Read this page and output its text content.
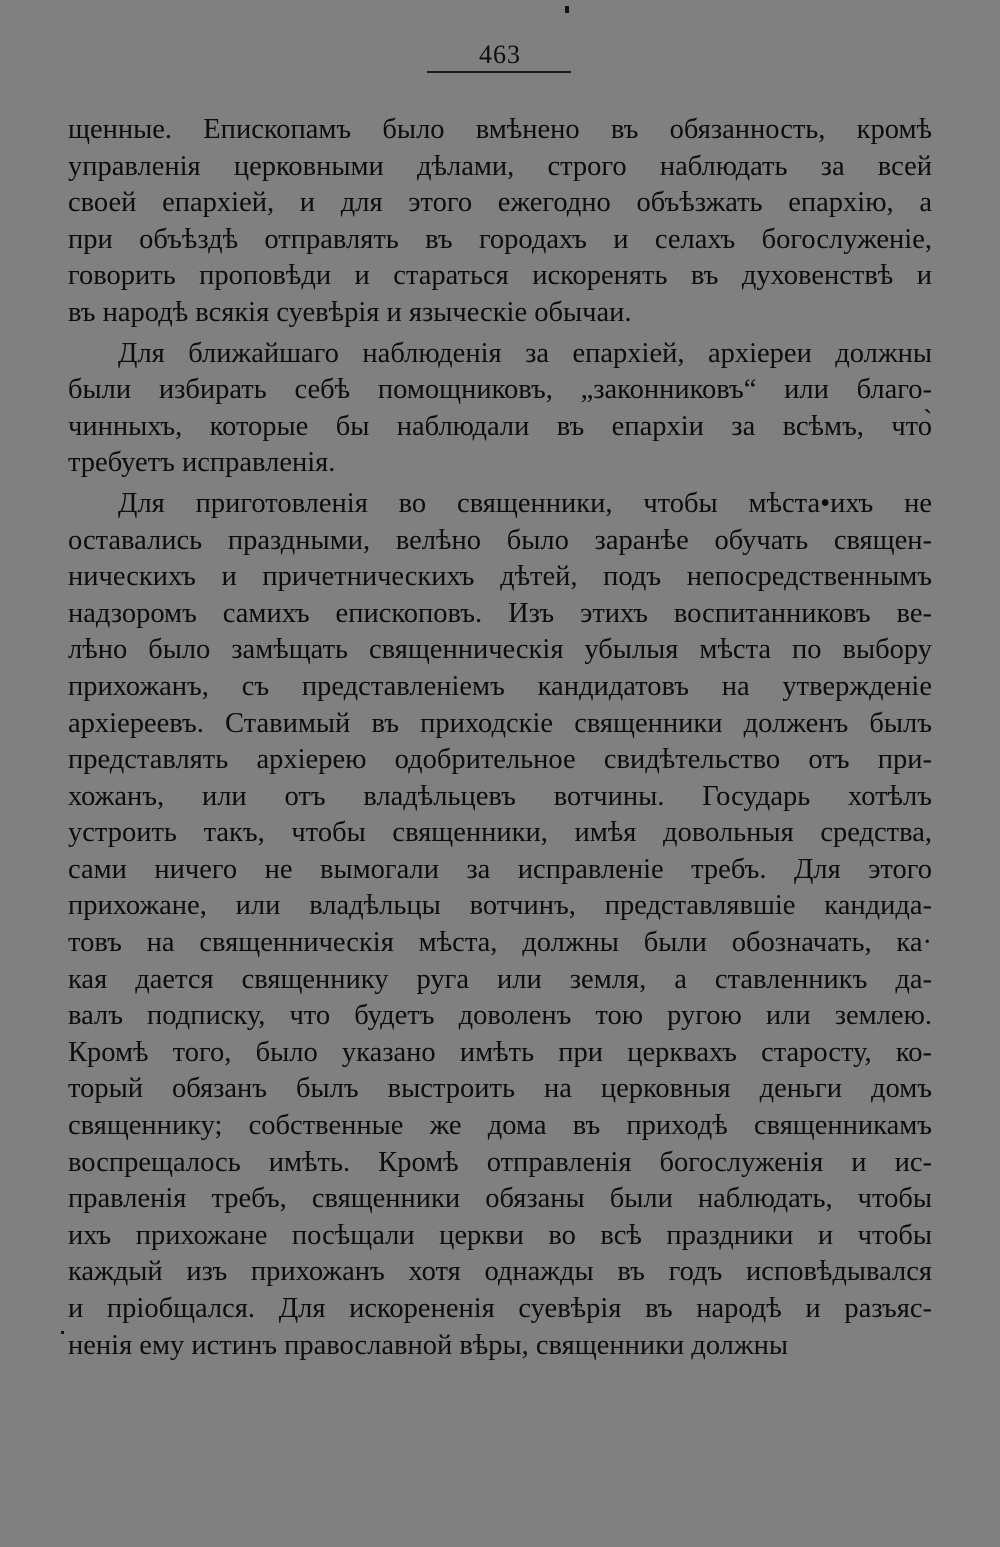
463
щенные. Епископамъ было вмѣнено въ обязанность, кромѣ
управленія церковными дѣлами, строго наблюдать за всей
своей епархіей, и для этого ежегодно объѣзжать епархію, а
при объѣздѣ отправлять въ городахъ и селахъ богослуженіе,
говорить проповѣди и стараться искоренять въ духовенствѣ и
въ народѣ всякія суевѣрія и языческіе обычаи.
Для ближайшаго наблюденія за епархіей, архіереи должны
были избирать себѣ помощниковъ, „законниковъ“ или благо-
чинныхъ, которые бы наблюдали въ епархіи за всѣмъ, что̀
требуетъ исправленія.
Для приготовленія во священники, чтобы мѣста•ихъ не
оставались праздными, велѣно было заранѣе обучать священ-
ническихъ и причетническихъ дѣтей, подъ непосредственнымъ
надзоромъ самихъ епископовъ. Изъ этихъ воспитанниковъ ве-
лѣно было замѣщать священническія убылыя мѣста по выбору
прихожанъ, съ представленіемъ кандидатовъ на утвержденіе
архіереевъ. Ставимый въ приходскіе священники долженъ былъ
представлять архіерею одобрительное свидѣтельство отъ при-
хожанъ, или отъ владѣльцевъ вотчины. Государь хотѣлъ
устроить такъ, чтобы священники, имѣя довольныя средства,
сами ничего не вымогали за исправленіе требъ. Для этого
прихожане, или владѣльцы вотчинъ, представлявшіе кандида-
товъ на священническія мѣста, должны были обозначать, ка·
кая дается священнику руга или земля, а ставленникъ да-
валъ подписку, что будетъ доволенъ тою ругою или землею.
Кромѣ того, было указано имѣть при церквахъ старосту, ко-
торый обязанъ былъ выстроить на церковныя деньги домъ
священнику; собственные же дома въ приходѣ священникамъ
воспрещалось имѣть. Кромѣ отправленія богослуженія и ис-
правленія требъ, священники обязаны были наблюдать, чтобы
ихъ прихожане посѣщали церкви во всѣ праздники и чтобы
каждый изъ прихожанъ хотя однажды въ годъ исповѣдывался
и пріобщался. Для искорененія суевѣрія въ народѣ и разъяс-
ненія ему истинъ православной вѣры, священники должны
